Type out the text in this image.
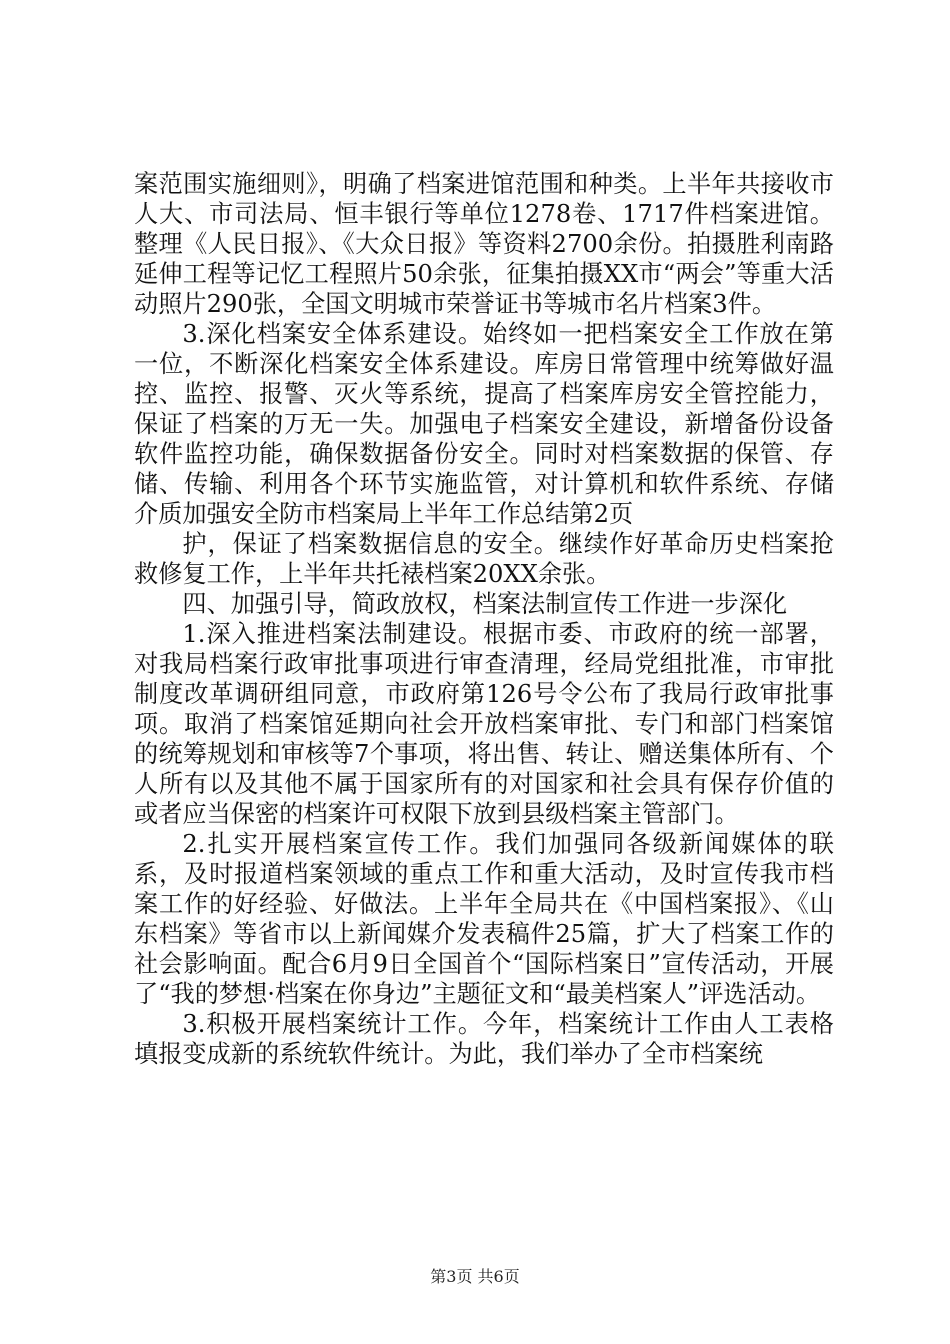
案范围实施细则》，明确了档案进馆范围和种类。上半年共接收市人大、市司法局、恒丰银行等单位1278卷、1717件档案进馆。整理《人民日报》、《大众日报》等资料2700余份。拍摄胜利南路延伸工程等记忆工程照片50余张，征集拍摄XX市“两会”等重大活动照片290张，全国文明城市荣誉证书等城市名片档案3件。

3.深化档案安全体系建设。始终如一把档案安全工作放在第一位，不断深化档案安全体系建设。库房日常管理中统筹做好温控、监控、报警、灭火等系统，提高了档案库房安全管控能力，保证了档案的万无一失。加强电子档案安全建设，新增备份设备软件监控功能，确保数据备份安全。同时对档案数据的保管、存储、传输、利用各个环节实施监管，对计算机和软件系统、存储介质加强安全防市档案局上半年工作总结第2页

护，保证了档案数据信息的安全。继续作好革命历史档案抢救修复工作，上半年共托裱档案20XX余张。

四、加强引导，简政放权，档案法制宣传工作进一步深化

1.深入推进档案法制建设。根据市委、市政府的统一部署，对我局档案行政审批事项进行审查清理，经局党组批准，市审批制度改革调研组同意，市政府第126号令公布了我局行政审批事项。取消了档案馆延期向社会开放档案审批、专门和部门档案馆的统筹规划和审核等7个事项，将出售、转让、赠送集体所有、个人所有以及其他不属于国家所有的对国家和社会具有保存价值的或者应当保密的档案许可权限下放到县级档案主管部门。

2.扎实开展档案宣传工作。我们加强同各级新闻媒体的联系，及时报道档案领域的重点工作和重大活动，及时宣传我市档案工作的好经验、好做法。上半年全局共在《中国档案报》、《山东档案》等省市以上新闻媒介发表稿件25篇，扩大了档案工作的社会影响面。配合6月9日全国首个“国际档案日”宣传活动，开展了“我的梦想·档案在你身边”主题征文和“最美档案人”评选活动。

3.积极开展档案统计工作。今年，档案统计工作由人工表格填报变成新的系统软件统计。为此，我们举办了全市档案统

第3页 共6页
